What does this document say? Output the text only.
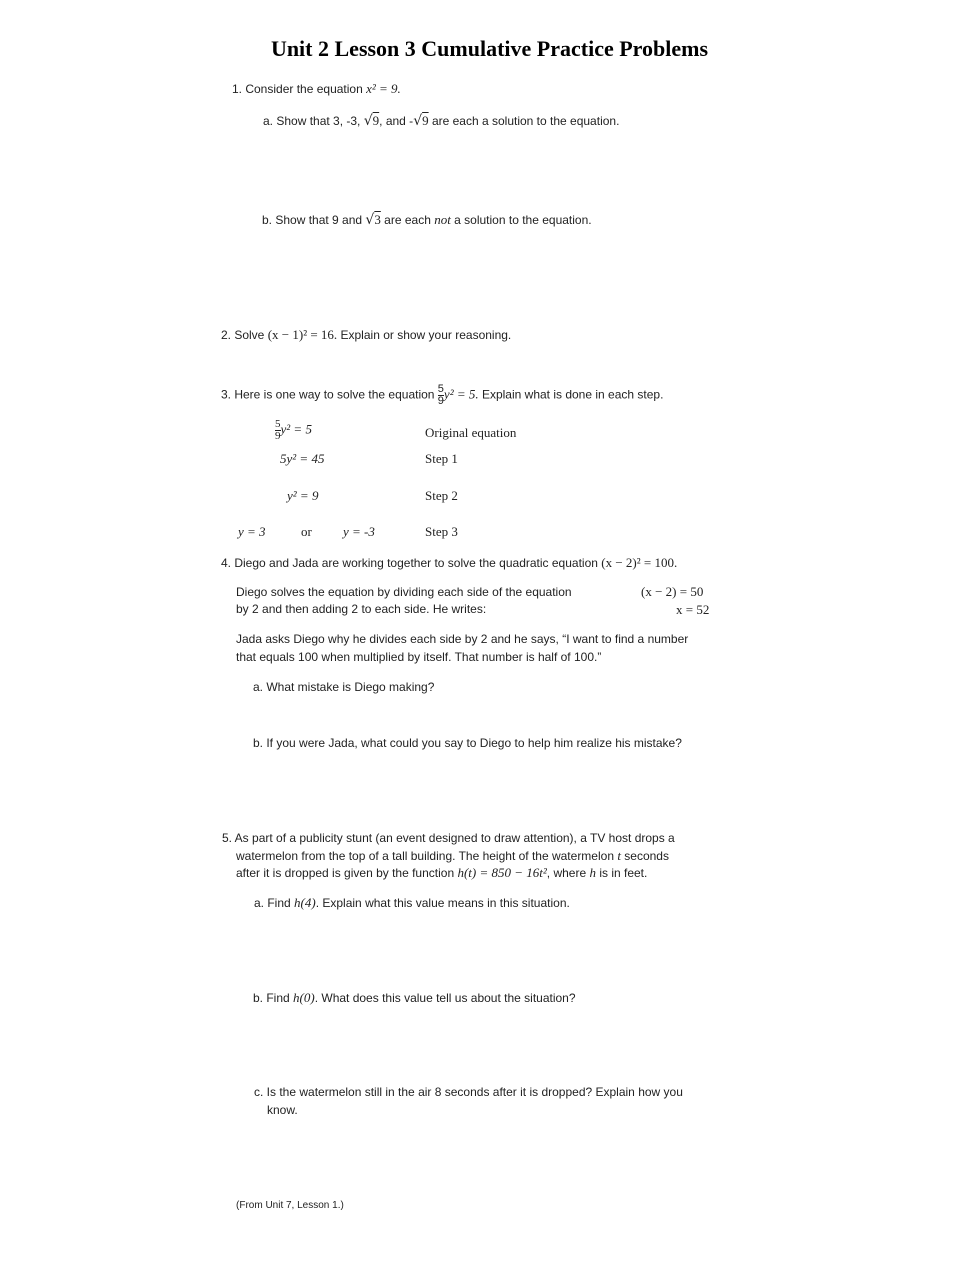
Unit 2 Lesson 3 Cumulative Practice Problems
1. Consider the equation x² = 9.
a. Show that 3, -3, √9, and -√9 are each a solution to the equation.
b. Show that 9 and √3 are each not a solution to the equation.
2. Solve (x − 1)² = 16. Explain or show your reasoning.
3. Here is one way to solve the equation $\frac{5}{9} y^2 = 5$. Explain what is done in each step.
$\frac{5}{9} y^2 = 5$	Original equation
5y² = 45	Step 1
y² = 9	Step 2
y = 3	or y = -3	Step 3
4. Diego and Jada are working together to solve the quadratic equation (x − 2)² = 100.
Diego solves the equation by dividing each side of the equation
by 2 and then adding 2 to each side. He writes:
(x − 2) = 50
x = 52
Jada asks Diego why he divides each side by 2 and he says, “I want to find a number
that equals 100 when multiplied by itself. That number is half of 100.”
a. What mistake is Diego making?
b. If you were Jada, what could you say to Diego to help him realize his mistake?
5. As part of a publicity stunt (an event designed to draw attention), a TV host drops a
watermelon from the top of a tall building. The height of the watermelon t seconds
after it is dropped is given by the function h(t) = 850 − 16t², where h is in feet.
a. Find h(4). Explain what this value means in this situation.
b. Find h(0). What does this value tell us about the situation?
c. Is the watermelon still in the air 8 seconds after it is dropped? Explain how you
know.
(From Unit 7, Lesson 1.)
